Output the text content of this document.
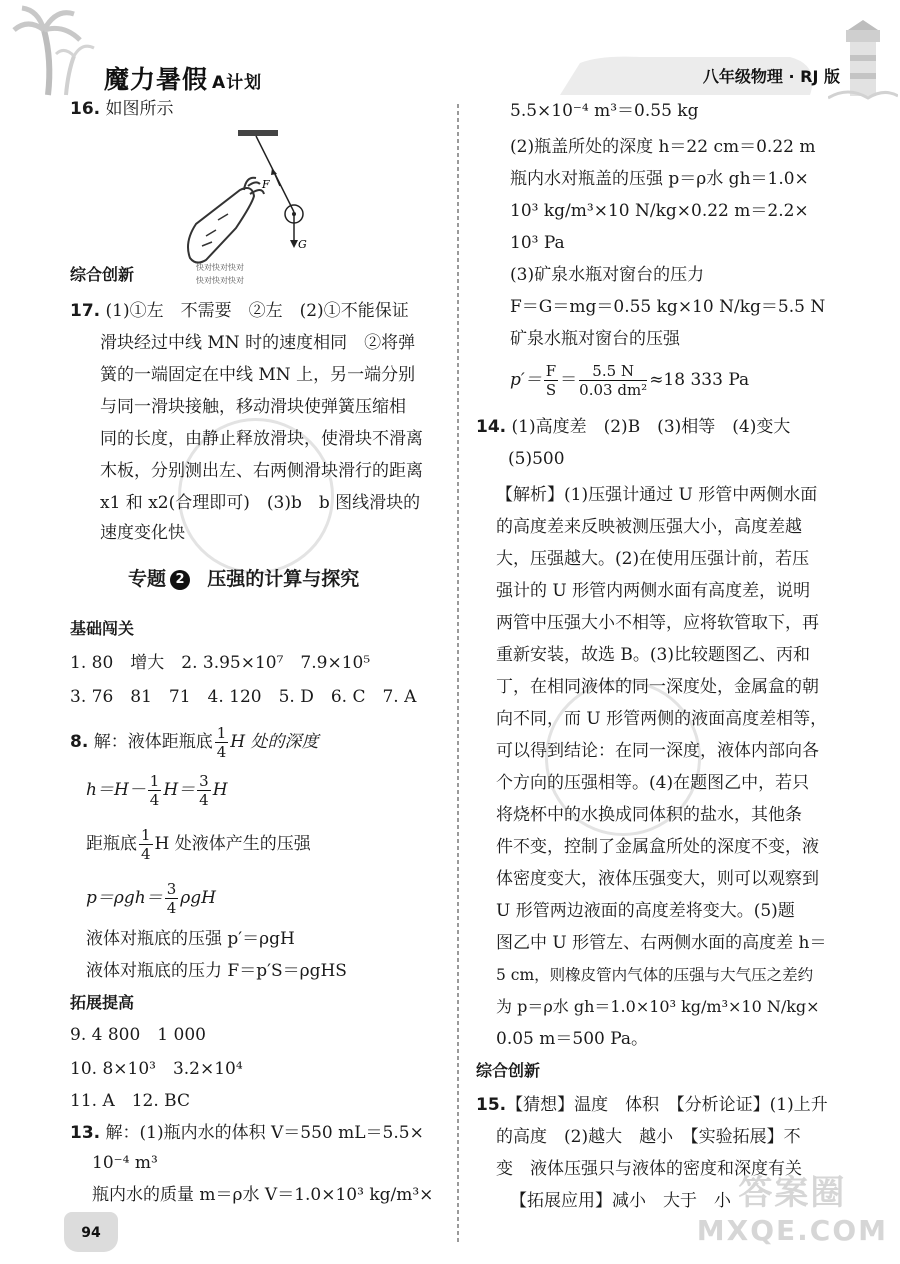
魔力暑假 A计划	八年级物理 · RJ 版
16. 如图所示
F
G
快对快对快对
快对快对快对
综合创新
17. (1)①左　不需要　②左　(2)①不能保证
滑块经过中线 MN 时的速度相同　②将弹
簧的一端固定在中线 MN 上，另一端分别
与同一滑块接触，移动滑块使弹簧压缩相
同的长度，由静止释放滑块，使滑块不滑离
木板，分别测出左、右两侧滑块滑行的距离
x1 和 x2(合理即可)　(3)b　b 图线滑块的
速度变化快
专题 2 压强的计算与探究
基础闯关
1. 80　增大　2. 3.95×10⁷　7.9×10⁵
3. 76　81　71　4. 120　5. D　6. C　7. A
8. 解：液体距瓶底 $\frac{1}{4}$ H 处的深度
$h=H- \frac{1}{4} H= \frac{3}{4}$ H
距瓶底 $\frac{1}{4}$ H 处液体产生的压强
$p=\rho gh= \frac{3}{4}$ ρgH
液体对瓶底的压强 p′＝ρgH
液体对瓶底的压力 F＝p′S＝ρgHS
拓展提高
9. 4 800　1 000
10. 8×10³　3.2×10⁴
11. A　12. BC
13. 解：(1)瓶内水的体积 V＝550 mL＝5.5×
10⁻⁴ m³
瓶内水的质量 m＝ρ水 V＝1.0×10³ kg/m³×
94
5.5×10⁻⁴ m³＝0.55 kg
(2)瓶盖所处的深度 h＝22 cm＝0.22 m
瓶内水对瓶盖的压强 p＝ρ水 gh＝1.0×
10³ kg/m³×10 N/kg×0.22 m＝2.2×
10³ Pa
(3)矿泉水瓶对窗台的压力
F＝G＝mg＝0.55 kg×10 N/kg＝5.5 N
矿泉水瓶对窗台的压强
$p'= \frac{F}{S} = \frac{5.5 N}{\text{0.03 dm²}} \approx 18$ 333 Pa
14. (1)高度差　(2)B　(3)相等　(4)变大
(5)500
【解析】(1)压强计通过 U 形管中两侧水面
的高度差来反映被测压强大小，高度差越
大，压强越大。(2)在使用压强计前，若压
强计的 U 形管内两侧水面有高度差，说明
两管中压强大小不相等，应将软管取下，再
重新安装，故选 B。(3)比较题图乙、丙和
丁，在相同液体的同一深度处，金属盒的朝
向不同，而 U 形管两侧的液面高度差相等，
可以得到结论：在同一深度，液体内部向各
个方向的压强相等。(4)在题图乙中，若只
将烧杯中的水换成同体积的盐水，其他条
件不变，控制了金属盒所处的深度不变，液
体密度变大，液体压强变大，则可以观察到
U 形管两边液面的高度差将变大。(5)题
图乙中 U 形管左、右两侧水面的高度差 h＝
5 cm，则橡皮管内气体的压强与大气压之差约
为 p＝ρ水 gh＝1.0×10³ kg/m³×10 N/kg×
0.05 m＝500 Pa。
综合创新
15.【猜想】温度　体积　【分析论证】(1)上升
的高度　(2)越大　越小　【实验拓展】不
变　液体压强只与液体的密度和深度有关
【拓展应用】减小　大于　小 答案圈
MXQE.COM
